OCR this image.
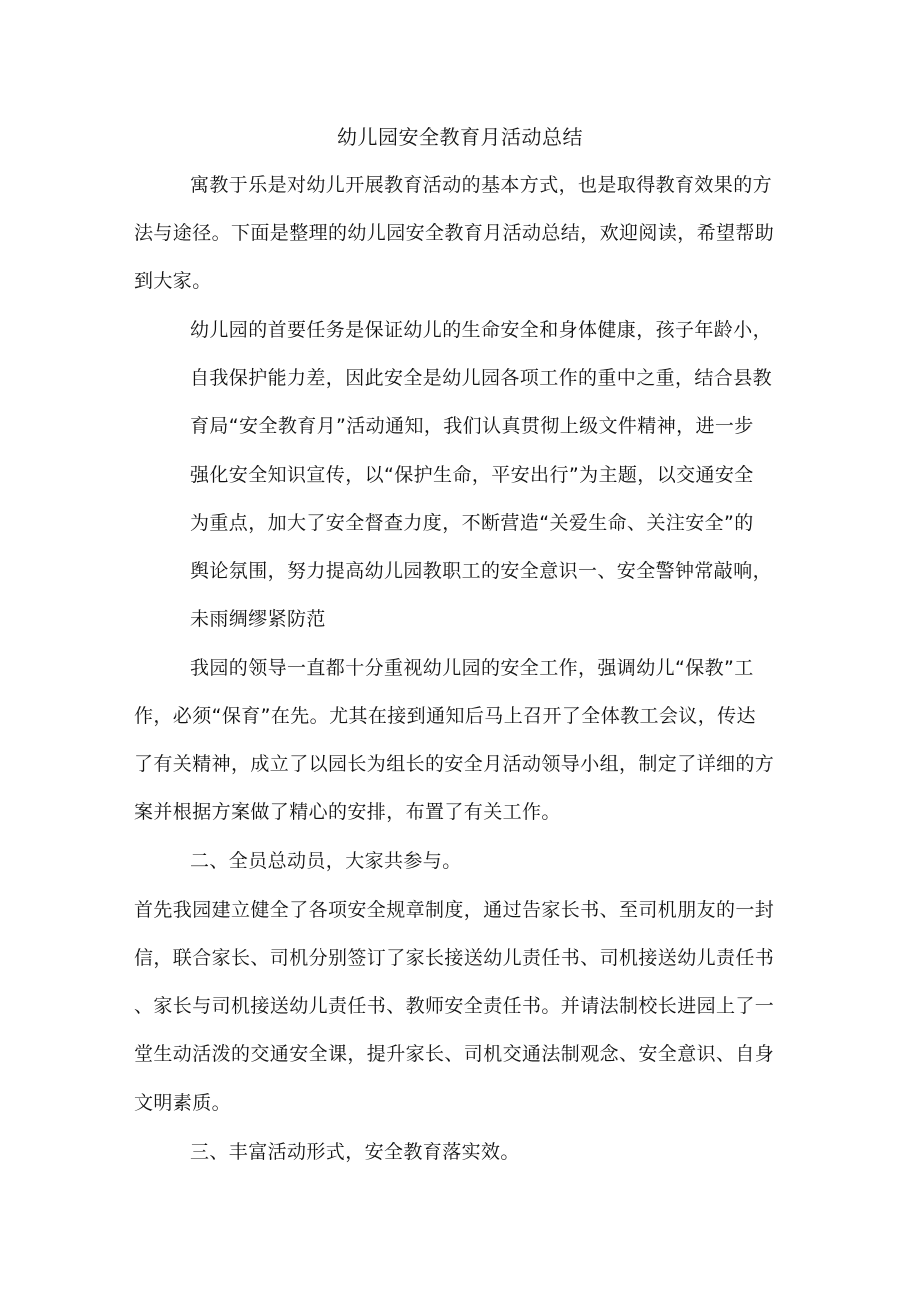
幼儿园安全教育月活动总结
寓教于乐是对幼儿开展教育活动的基本方式，也是取得教育效果的方
法与途径。下面是整理的幼儿园安全教育月活动总结，欢迎阅读，希望帮助
到大家。
幼儿园的首要任务是保证幼儿的生命安全和身体健康，孩子年龄小，
自我保护能力差，因此安全是幼儿园各项工作的重中之重，结合县教
育局“安全教育月”活动通知，我们认真贯彻上级文件精神，进一步
强化安全知识宣传，以“保护生命，平安出行”为主题，以交通安全
为重点，加大了安全督查力度，不断营造“关爱生命、关注安全”的
舆论氛围，努力提高幼儿园教职工的安全意识一、安全警钟常敲响，
未雨绸缪紧防范
我园的领导一直都十分重视幼儿园的安全工作，强调幼儿“保教”工
作，必须“保育”在先。尤其在接到通知后马上召开了全体教工会议，传达
了有关精神，成立了以园长为组长的安全月活动领导小组，制定了详细的方
案并根据方案做了精心的安排，布置了有关工作。
二、全员总动员，大家共参与。
首先我园建立健全了各项安全规章制度，通过告家长书、至司机朋友的一封
信，联合家长、司机分别签订了家长接送幼儿责任书、司机接送幼儿责任书
、家长与司机接送幼儿责任书、教师安全责任书。并请法制校长进园上了一
堂生动活泼的交通安全课，提升家长、司机交通法制观念、安全意识、自身
文明素质。
三、丰富活动形式，安全教育落实效。
